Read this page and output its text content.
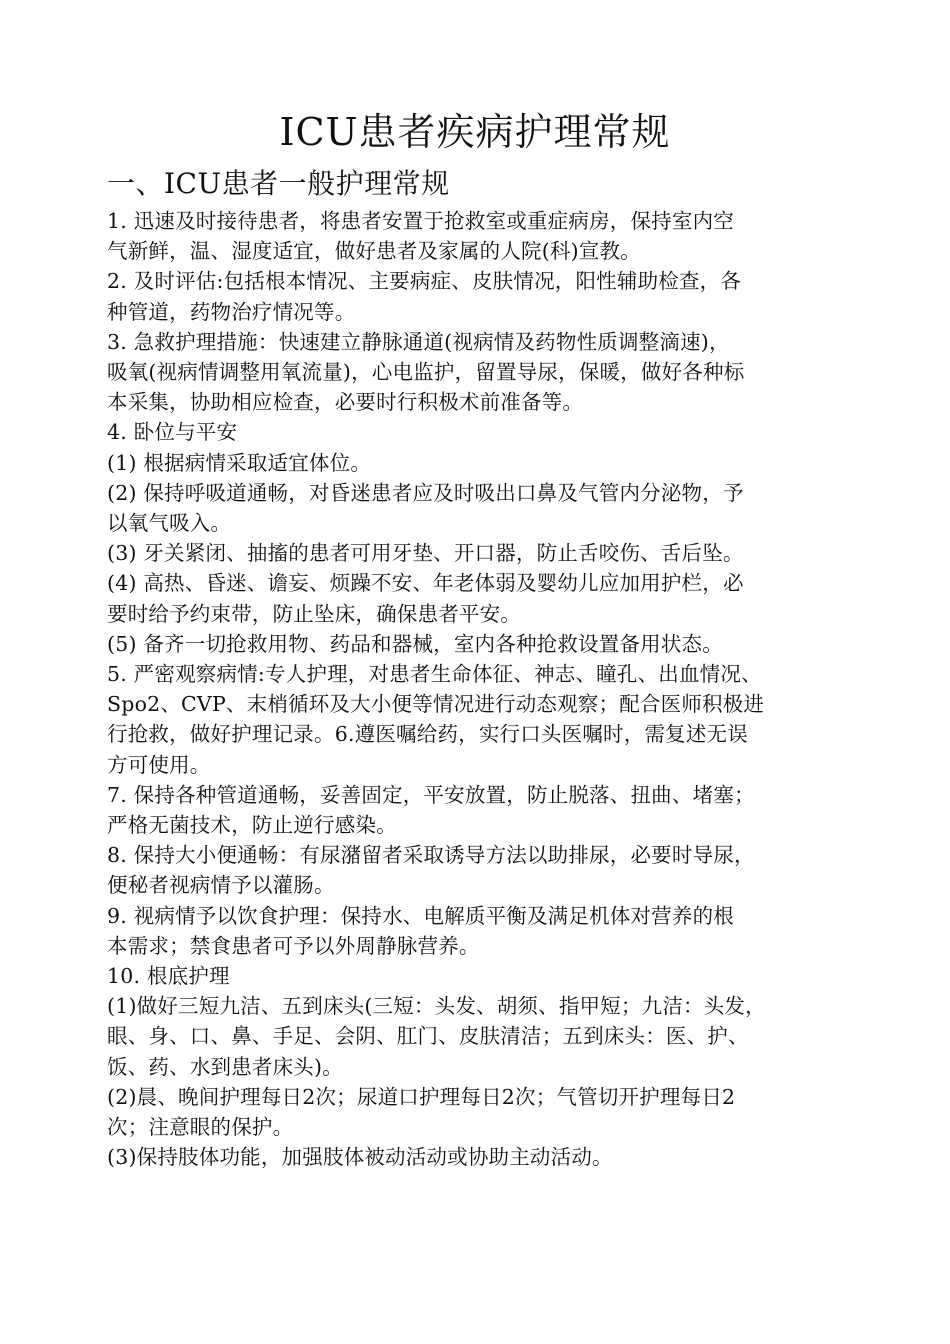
ICU患者疾病护理常规
一、ICU患者一般护理常规

1. 迅速及时接待患者，将患者安置于抢救室或重症病房，保持室内空

气新鲜，温、湿度适宜，做好患者及家属的人院(科)宣教。

2. 及时评估:包括根本情况、主要病症、皮肤情况，阳性辅助检查，各

种管道，药物治疗情况等。

3. 急救护理措施：快速建立静脉通道(视病情及药物性质调整滴速)，

吸氧(视病情调整用氧流量)，心电监护，留置导尿，保暖，做好各种标

本采集，协助相应检查，必要时行积极术前准备等。

4. 卧位与平安

(1) 根据病情采取适宜体位。

(2) 保持呼吸道通畅，对昏迷患者应及时吸出口鼻及气管内分泌物，予

以氧气吸入。

(3) 牙关紧闭、抽搐的患者可用牙垫、开口器，防止舌咬伤、舌后坠。

(4) 高热、昏迷、谵妄、烦躁不安、年老体弱及婴幼儿应加用护栏，必

要时给予约束带，防止坠床，确保患者平安。

(5) 备齐一切抢救用物、药品和器械，室内各种抢救设置备用状态。

5. 严密观察病情:专人护理，对患者生命体征、神志、瞳孔、出血情况、

Spo2、CVP、末梢循环及大小便等情况进行动态观察；配合医师积极进

行抢救，做好护理记录。6.遵医嘱给药，实行口头医嘱时，需复述无误

方可使用。

7. 保持各种管道通畅，妥善固定，平安放置，防止脱落、扭曲、堵塞；

严格无菌技术，防止逆行感染。

8. 保持大小便通畅：有尿潴留者采取诱导方法以助排尿，必要时导尿，

便秘者视病情予以灌肠。

9. 视病情予以饮食护理：保持水、电解质平衡及满足机体对营养的根

本需求；禁食患者可予以外周静脉营养。

10. 根底护理

(1)做好三短九洁、五到床头(三短：头发、胡须、指甲短；九洁：头发，

眼、身、口、鼻、手足、会阴、肛门、皮肤清洁；五到床头：医、护、

饭、药、水到患者床头)。

(2)晨、晚间护理每日2次；尿道口护理每日2次；气管切开护理每日2

次；注意眼的保护。

(3)保持肢体功能，加强肢体被动活动或协助主动活动。
